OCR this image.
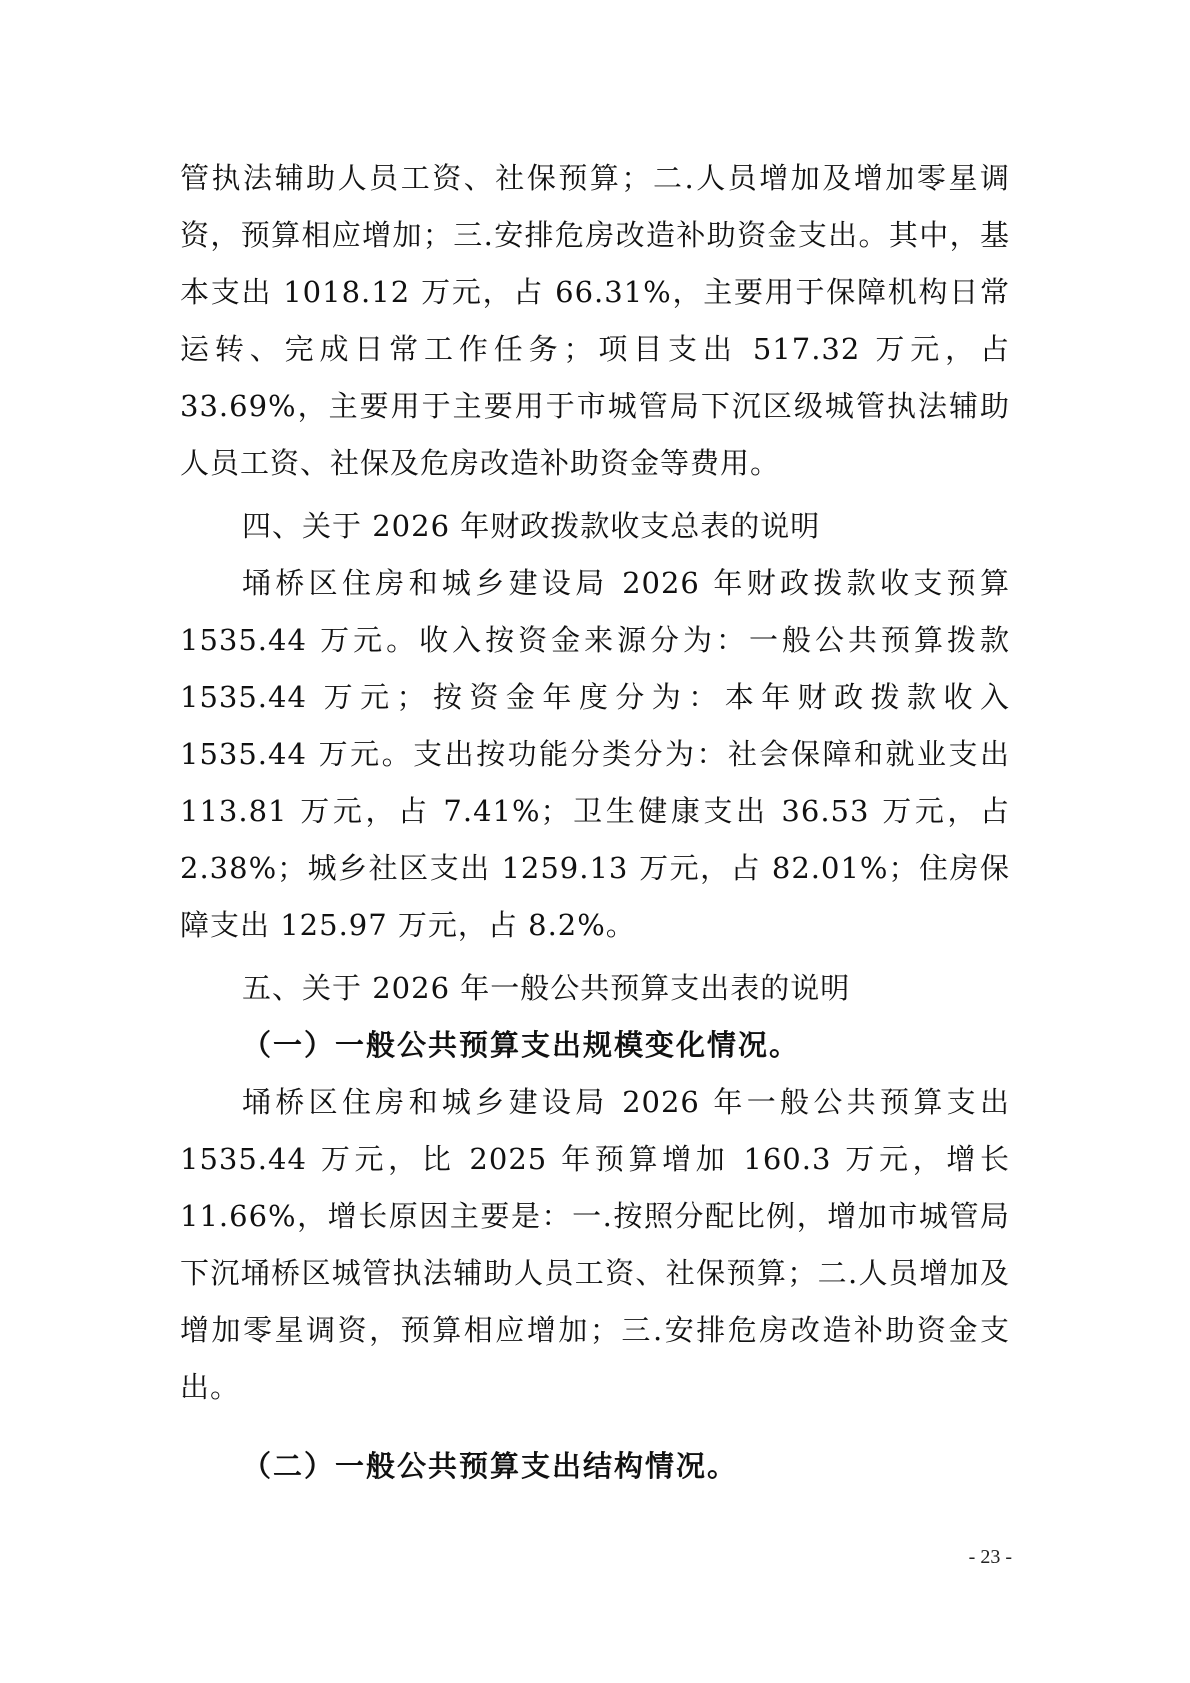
管执法辅助人员工资、社保预算；二.人员增加及增加零星调资，预算相应增加；三.安排危房改造补助资金支出。其中，基本支出 1018.12 万元，占 66.31%，主要用于保障机构日常运转、完成日常工作任务；项目支出 517.32 万元，占 33.69%，主要用于主要用于市城管局下沉区级城管执法辅助人员工资、社保及危房改造补助资金等费用。

四、关于 2026 年财政拨款收支总表的说明

埇桥区住房和城乡建设局 2026 年财政拨款收支预算 1535.44 万元。收入按资金来源分为：一般公共预算拨款 1535.44 万元；按资金年度分为：本年财政拨款收入 1535.44 万元。支出按功能分类分为：社会保障和就业支出 113.81 万元，占 7.41%；卫生健康支出 36.53 万元，占 2.38%；城乡社区支出 1259.13 万元，占 82.01%；住房保障支出 125.97 万元，占 8.2%。

五、关于 2026 年一般公共预算支出表的说明

（一）一般公共预算支出规模变化情况。

埇桥区住房和城乡建设局 2026 年一般公共预算支出 1535.44 万元，比 2025 年预算增加 160.3 万元，增长 11.66%，增长原因主要是：一.按照分配比例，增加市城管局下沉埇桥区城管执法辅助人员工资、社保预算；二.人员增加及增加零星调资，预算相应增加；三.安排危房改造补助资金支出。

（二）一般公共预算支出结构情况。

- 23 -
